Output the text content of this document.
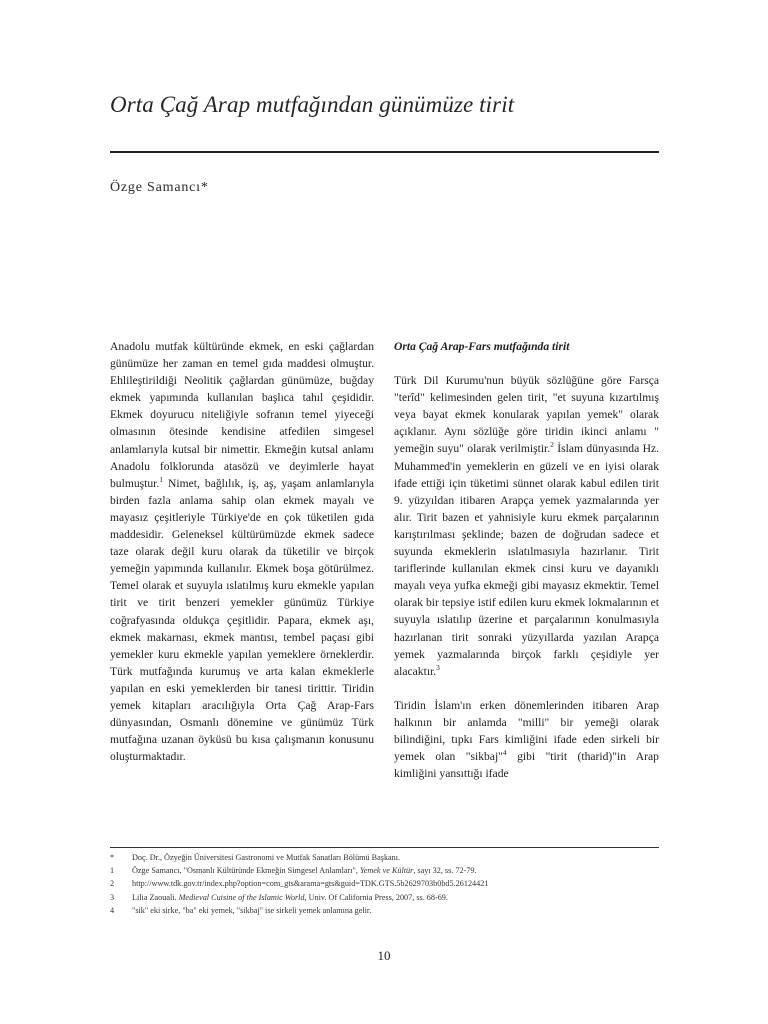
Orta Çağ Arap mutfağından günümüze tirit
Özge Samancı*

Anadolu mutfak kültüründe ekmek, en eski çağlardan günümüze her zaman en temel gıda maddesi olmuştur. Ehlileştirildiği Neolitik çağlardan günümüze, buğday ekmek yapımında kullanılan başlıca tahıl çeşididir. Ekmek doyurucu niteliğiyle sofranın temel yiyeceği olmasının ötesinde kendisine atfedilen simgesel anlamlarıyla kutsal bir nimettir. Ekmeğin kutsal anlamı Anadolu folklorunda atasözü ve deyimlerle hayat bulmuştur.$^1$ Nimet, bağlılık, iş, aş, yaşam anlamlarıyla birden fazla anlama sahip olan ekmek mayalı ve mayasız çeşitleriyle Türkiye'de en çok tüketilen gıda maddesidir. Geleneksel kültürümüzde ekmek sadece taze olarak değil kuru olarak da tüketilir ve birçok yemeğin yapımında kullanılır. Ekmek boşa götürülmez. Temel olarak et suyuyla ıslatılmış kuru ekmekle yapılan tirit ve tirit benzeri yemekler günümüz Türkiye coğrafyasında oldukça çeşitlidir. Papara, ekmek aşı, ekmek makarnası, ekmek mantısı, tembel paçası gibi yemekler kuru ekmekle yapılan yemeklere örneklerdir. Türk mutfağında kurumuş ve arta kalan ekmeklerle yapılan en eski yemeklerden bir tanesi tirittir. Tiridin yemek kitapları aracılığıyla Orta Çağ Arap-Fars dünyasından, Osmanlı dönemine ve günümüz Türk mutfağına uzanan öyküsü bu kısa çalışmanın konusunu oluşturmaktadır.

Orta Çağ Arap-Fars mutfağında tirit

Türk Dil Kurumu'nun büyük sözlüğüne göre Farsça "terîd" kelimesinden gelen tirit, "et suyuna kızartılmış veya bayat ekmek konularak yapılan yemek" olarak açıklanır. Aynı sözlüğe göre tiridin ikinci anlamı " yemeğin suyu" olarak verilmiştir.$^2$ İslam dünyasında Hz. Muhammed'in yemeklerin en güzeli ve en iyisi olarak ifade ettiği için tüketimi sünnet olarak kabul edilen tirit 9. yüzyıldan itibaren Arapça yemek yazmalarında yer alır. Tirit bazen et yahnisiyle kuru ekmek parçalarının karıştırılması şeklinde; bazen de doğrudan sadece et suyunda ekmeklerin ıslatılmasıyla hazırlanır. Tirit tariflerinde kullanılan ekmek cinsi kuru ve dayanıklı mayalı veya yufka ekmeği gibi mayasız ekmektir. Temel olarak bir tepsiye istif edilen kuru ekmek lokmalarının et suyuyla ıslatılıp üzerine et parçalarının konulmasıyla hazırlanan tirit sonraki yüzyıllarda yazılan Arapça yemek yazmalarında birçok farklı çeşidiyle yer alacaktır.$^3$

Tiridin İslam'ın erken dönemlerinden itibaren Arap halkının bir anlamda "milli" bir yemeği olarak bilindiğini, tıpkı Fars kimliğini ifade eden sirkeli bir yemek olan "sikbaj"$^4$ gibi "tirit (tharid)"in Arap kimliğini yansıttığı ifade

*	Doç. Dr., Özyeğin Üniversitesi Gastronomi ve Mutfak Sanatları Bölümü Başkanı.
1	Özge Samancı, "Osmanlı Kültüründe Ekmeğin Simgesel Anlamları", Yemek ve Kültür, sayı 32, ss. 72-79.
2	http://www.tdk.gov.tr/index.php?option=com_gts&arama=gts&guid=TDK.GTS.5b2629703b0bd5.26124421
3	Lilia Zaouali. Medieval Cuisine of the Islamic World, Univ. Of California Press, 2007, ss. 68-69.
4	"sik" eki sirke, "ba" eki yemek, "sikbaj" ise sirkeli yemek anlamına gelir.
10
